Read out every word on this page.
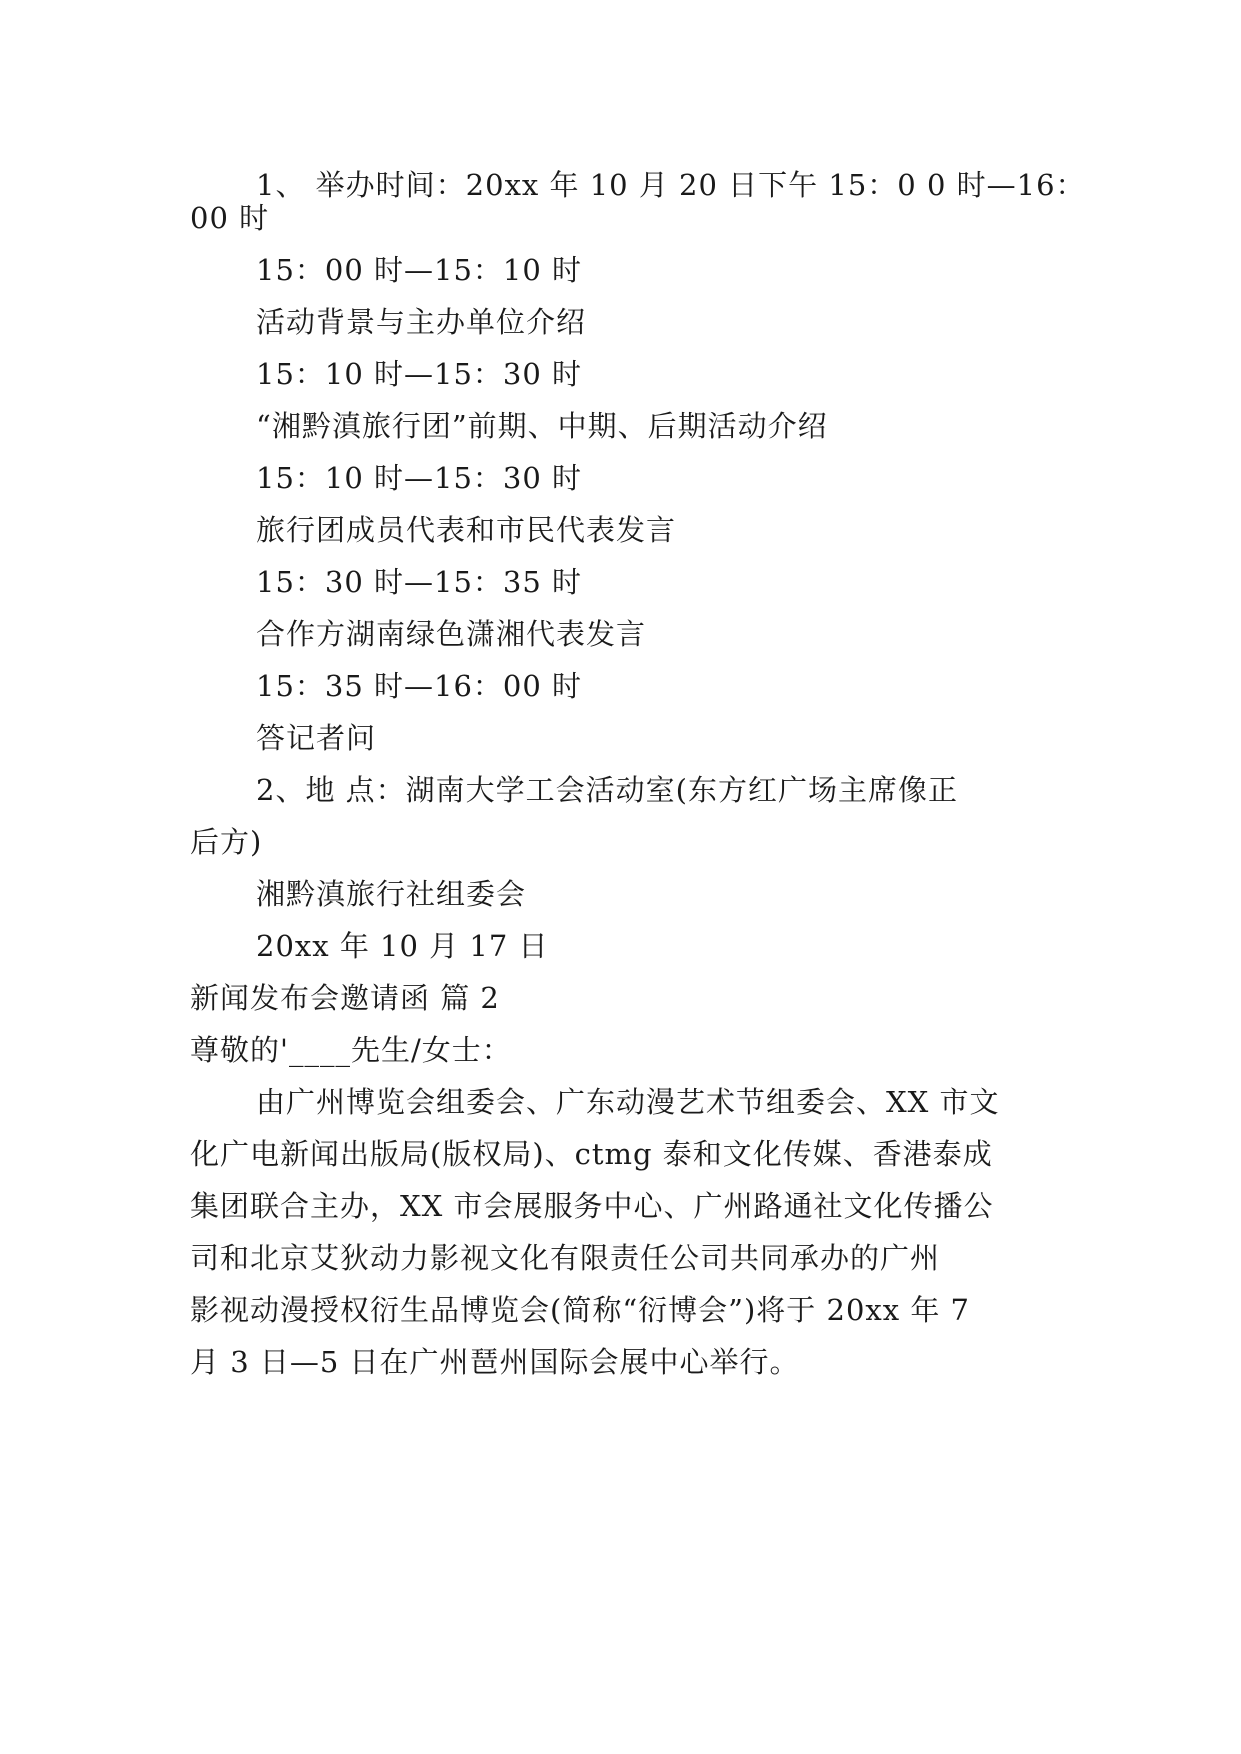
1、 举办时间：20xx 年 10 月 20 日下午 15：0 0 时—16：
00 时
15：00 时—15：10 时
活动背景与主办单位介绍
15：10 时—15：30 时
“湘黔滇旅行团”前期、中期、后期活动介绍
15：10 时—15：30 时
旅行团成员代表和市民代表发言
15：30 时—15：35 时
合作方湖南绿色潇湘代表发言
15：35 时—16：00 时
答记者问
2、地 点：湖南大学工会活动室(东方红广场主席像正
后方)
湘黔滇旅行社组委会
20xx 年 10 月 17 日
新闻发布会邀请函 篇 2
尊敬的'____先生/女士：
由广州博览会组委会、广东动漫艺术节组委会、XX 市文
化广电新闻出版局(版权局)、ctmg 泰和文化传媒、香港泰成
集团联合主办，XX 市会展服务中心、广州路通社文化传播公
司和北京艾狄动力影视文化有限责任公司共同承办的广州
影视动漫授权衍生品博览会(简称“衍博会”)将于 20xx 年 7
月 3 日—5 日在广州琶州国际会展中心举行。
